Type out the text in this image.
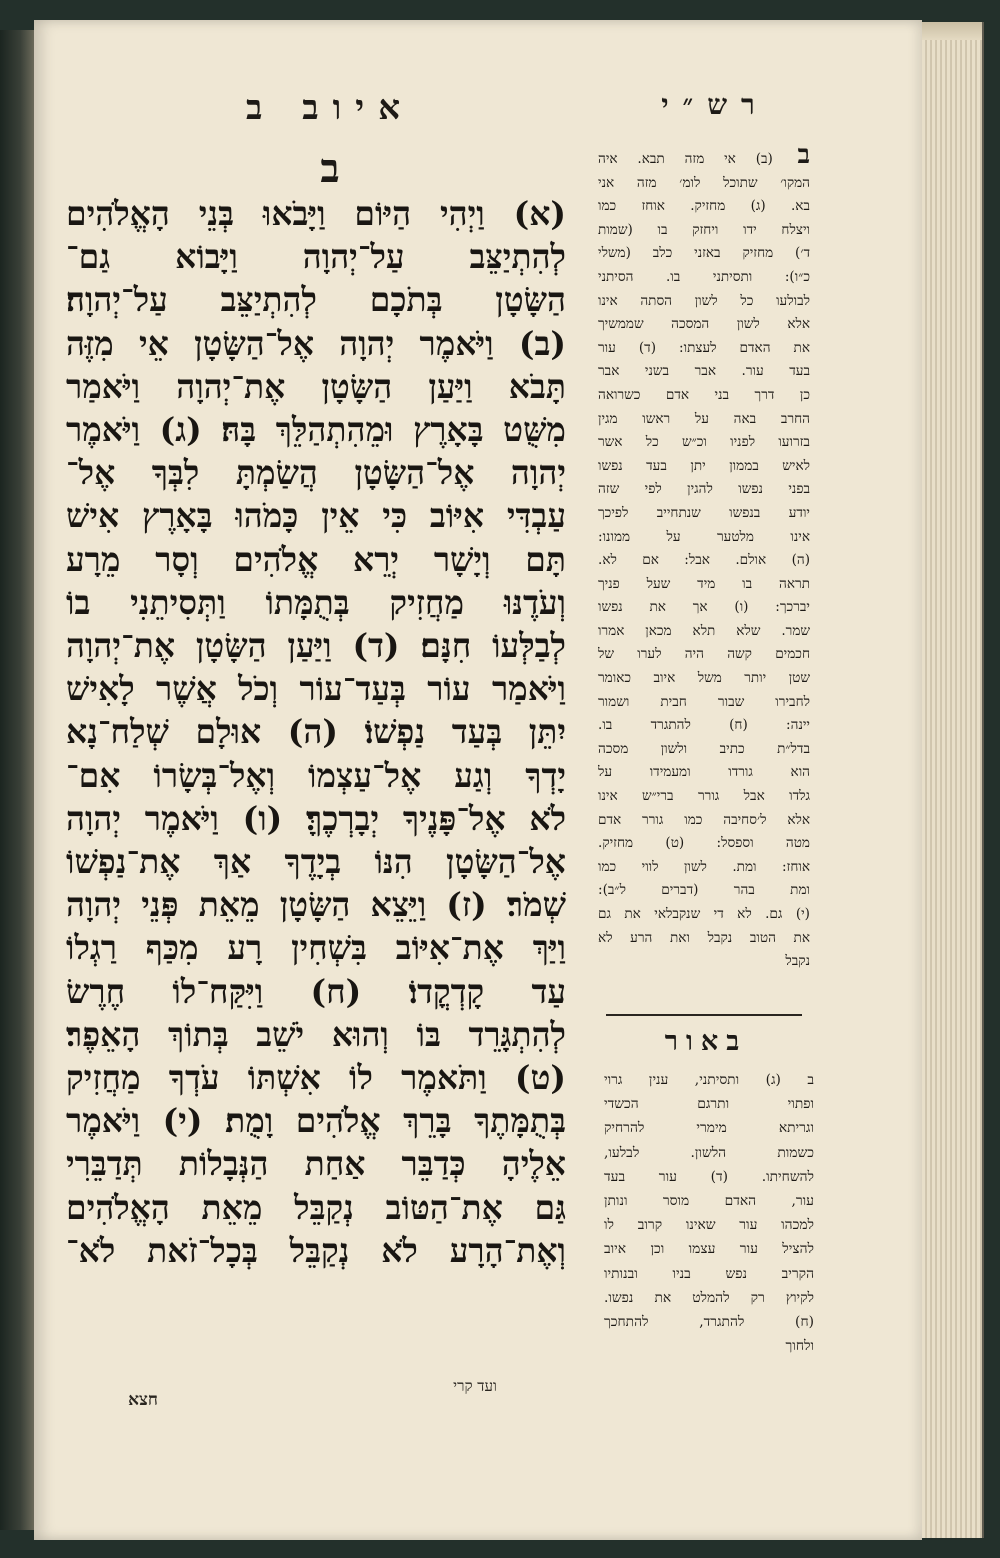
איוב ב	רש״י
ב
(א) וַיְהִי הַיּוֹם וַיָּבֹאוּ בְּנֵי הָאֱלֹהִים
לְהִתְיַצֵּב עַל־יְהוָה וַיָּבוֹא גַם־
הַשָּׂטָן בְּתֹכָם לְהִתְיַצֵּב עַל־יְהוָה׃
(ב) וַיֹּאמֶר יְהוָה אֶל־הַשָּׂטָן אֵי מִזֶּה
תָּבֹא וַיַּעַן הַשָּׂטָן אֶת־יְהוָה וַיֹּאמַר
מִשֻּׁט בָּאָרֶץ וּמֵהִתְהַלֵּךְ בָּהּ׃ (ג) וַיֹּאמֶר
יְהוָה אֶל־הַשָּׂטָן הֲשַׂמְתָּ לִבְּךָ אֶל־
עַבְדִּי אִיּוֹב כִּי אֵין כָּמֹהוּ בָּאָרֶץ אִישׁ
תָּם וְיָשָׁר יְרֵא אֱלֹהִים וְסָר מֵרָע
וְעֹדֶנּוּ מַחֲזִיק בְּתֻמָּתוֹ וַתְּסִיתֵנִי בוֹ
לְבַלְּעוֹ חִנָּם׃ (ד) וַיַּעַן הַשָּׂטָן אֶת־יְהוָה
וַיֹּאמַר עוֹר בְּעַד־עוֹר וְכֹל אֲשֶׁר לָאִישׁ
יִתֵּן בְּעַד נַפְשׁוֹ׃ (ה) אוּלָם שְׁלַח־נָא
יָדְךָ וְגַע אֶל־עַצְמוֹ וְאֶל־בְּשָׂרוֹ אִם־
לֹא אֶל־פָּנֶיךָ יְבָרְכֶךָּ׃ (ו) וַיֹּאמֶר יְהוָה
אֶל־הַשָּׂטָן הִנּוֹ בְיָדֶךָ אַךְ אֶת־נַפְשׁוֹ
שְׁמֹר׃ (ז) וַיֵּצֵא הַשָּׂטָן מֵאֵת פְּנֵי יְהוָה
וַיַּךְ אֶת־אִיּוֹב בִּשְׁחִין רָע מִכַּף רַגְלוֹ
עַד קָדְקֳדוֹ׃ (ח) וַיִּקַּח־לוֹ חֶרֶשׂ
לְהִתְגָּרֵד בּוֹ וְהוּא יֹשֵׁב בְּתוֹךְ הָאֵפֶר׃
(ט) וַתֹּאמֶר לוֹ אִשְׁתּוֹ עֹדְךָ מַחֲזִיק
בְּתֻמָּתֶךָ בָּרֵךְ אֱלֹהִים וָמֻת׃ (י) וַיֹּאמֶר
אֵלֶיהָ כְּדַבֵּר אַחַת הַנְּבָלוֹת תְּדַבֵּרִי
גַּם אֶת־הַטּוֹב נְקַבֵּל מֵאֵת הָאֱלֹהִים
וְאֶת־הָרָע לֹא נְקַבֵּל בְּכָל־זֹאת לֹא־
ועד קרי
חצא
ב (ב) אי מזה תבא. איה
המקו׳ שתוכל לומ׳ מזה אני
בא. (ג) מחזיק. אוחז כמו
ויצלח ידו ויחזק בו (שמות
ד׳) מחזיק באזני כלב (משלי
כ״ו): ותסיתני בו. הסיתני
לבולעו כל לשון הסתה אינו
אלא לשון המסכה שממשיך
את האדם לעצתו: (ד) עור
בעד עור. אבר בשני אבר
כן דרך בני אדם כשרואה
החרב באה על ראשו מגין
בזרועו לפניו וכ״ש כל אשר
לאיש בממון יתן בעד נפשו
בפני נפשו להגין לפי שזה
יודע בנפשו שנתחייב לפיכך
אינו מלטער על ממונו:
(ה) אולם. אבל: אם לא.
תראה בו מיד שעל פניך
יברכך: (ו) אך את נפשו
שמר. שלא תלא מכאן אמרו
חכמים קשה היה לערו של
שטן יותר משל איוב כאומר
לחבירו שבור חבית ושמור
יינה: (ח) להתגרד בו.
בדל״ת כתיב ולשון מסכה
הוא גורדו ומעמידו על
גלדו אבל גורר ברי״ש אינו
אלא ל׳סחיבה כמו גורר אדם
מטה וספסל: (ט) מחזיק.
אוחז: ומת. לשון לווי כמו
ומת בהר (דברים ל״ב):
(י) גם. לא די שנקבלאי את גם
את הטוב נקבל ואת הרע לא
נקבל
באור
ב (ג) ותסיתני, ענין גרוי
ופתוי ותרגם הכשדי
וגריתא מימרי להרחיק
כשמות הלשון. לבלעו,
להשחיתו. (ד) עור בעד
עור, האדם מוסר ונותן
למכהו עור שאינו קרוב לו
להציל עור עצמו וכן איוב
הקריב נפש בניו ובנותיו
לקיוץ רק להמלט את נפשו.
(ח) להתגרד, להתחכך
ולחוך
